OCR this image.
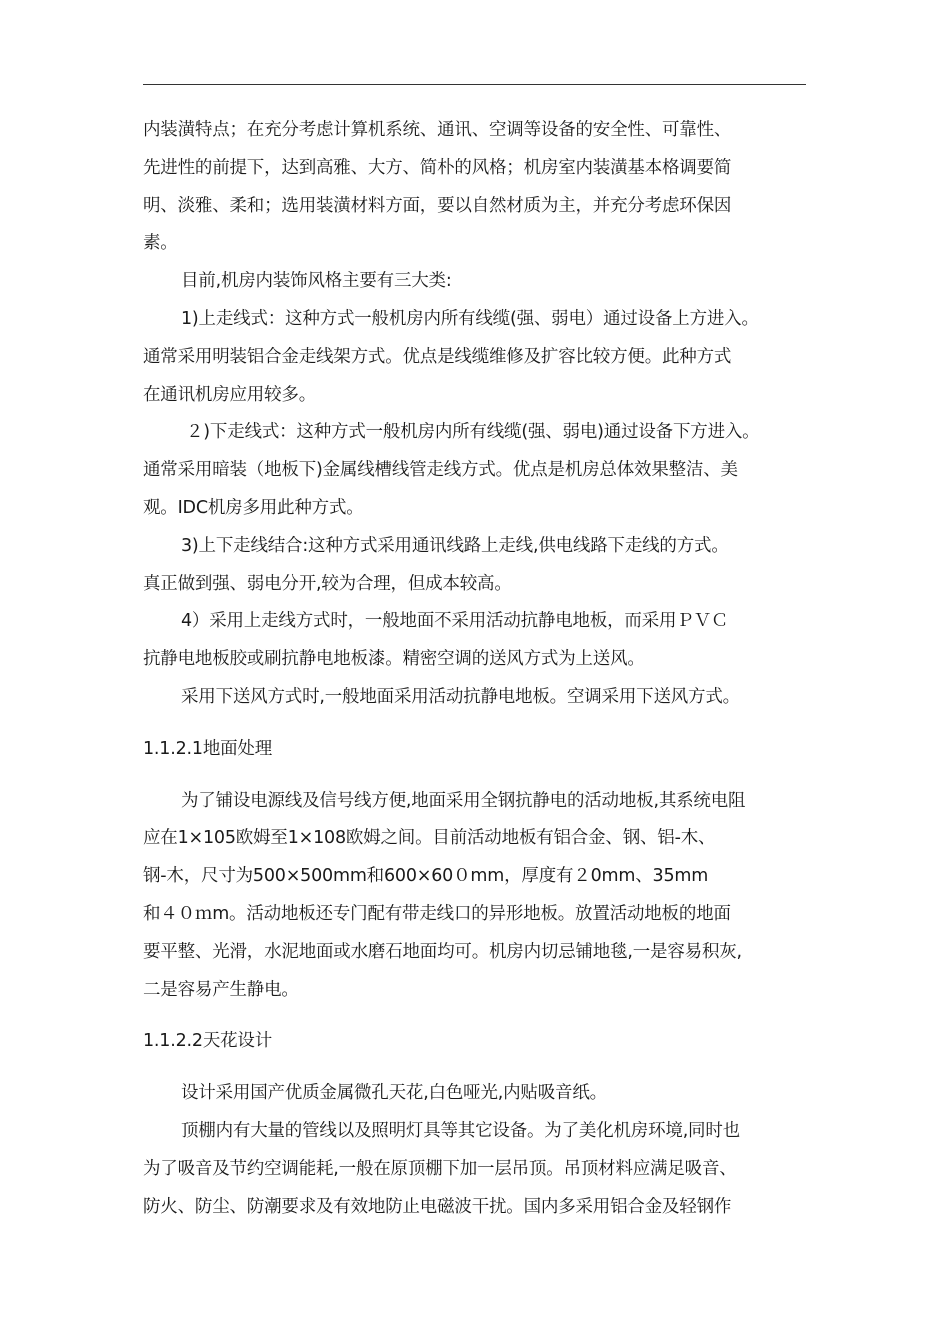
内装潢特点；在充分考虑计算机系统、通讯、空调等设备的安全性、可靠性、
先进性的前提下，达到高雅、大方、简朴的风格；机房室内装潢基本格调要简
明、淡雅、柔和；选用装潢材料方面，要以自然材质为主，并充分考虑环保因
素。
目前,机房内装饰风格主要有三大类:
1)上走线式：这种方式一般机房内所有线缆(强、弱电）通过设备上方进入。
通常采用明装铝合金走线架方式。优点是线缆维修及扩容比较方便。此种方式
在通讯机房应用较多。
２)下走线式：这种方式一般机房内所有线缆(强、弱电)通过设备下方进入。
通常采用暗装（地板下)金属线槽线管走线方式。优点是机房总体效果整洁、美
观。IDC机房多用此种方式。
3)上下走线结合:这种方式采用通讯线路上走线,供电线路下走线的方式。
真正做到强、弱电分开,较为合理，但成本较高。
4）采用上走线方式时，一般地面不采用活动抗静电地板，而采用ＰＶＣ
抗静电地板胶或刷抗静电地板漆。精密空调的送风方式为上送风。
采用下送风方式时,一般地面采用活动抗静电地板。空调采用下送风方式。
1.1.2.1地面处理
为了铺设电源线及信号线方便,地面采用全钢抗静电的活动地板,其系统电阻
应在1×105欧姆至1×108欧姆之间。目前活动地板有铝合金、钢、铝-木、
钢-木，尺寸为500×500mm和600×60０mm，厚度有２0mm、35mm
和４０ｍm。活动地板还专门配有带走线口的异形地板。放置活动地板的地面
要平整、光滑，水泥地面或水磨石地面均可。机房内切忌铺地毯,一是容易积灰,
二是容易产生静电。
1.1.2.2天花设计
设计采用国产优质金属微孔天花,白色哑光,内贴吸音纸。
顶棚内有大量的管线以及照明灯具等其它设备。为了美化机房环境,同时也
为了吸音及节约空调能耗,一般在原顶棚下加一层吊顶。吊顶材料应满足吸音、
防火、防尘、防潮要求及有效地防止电磁波干扰。国内多采用铝合金及轻钢作
